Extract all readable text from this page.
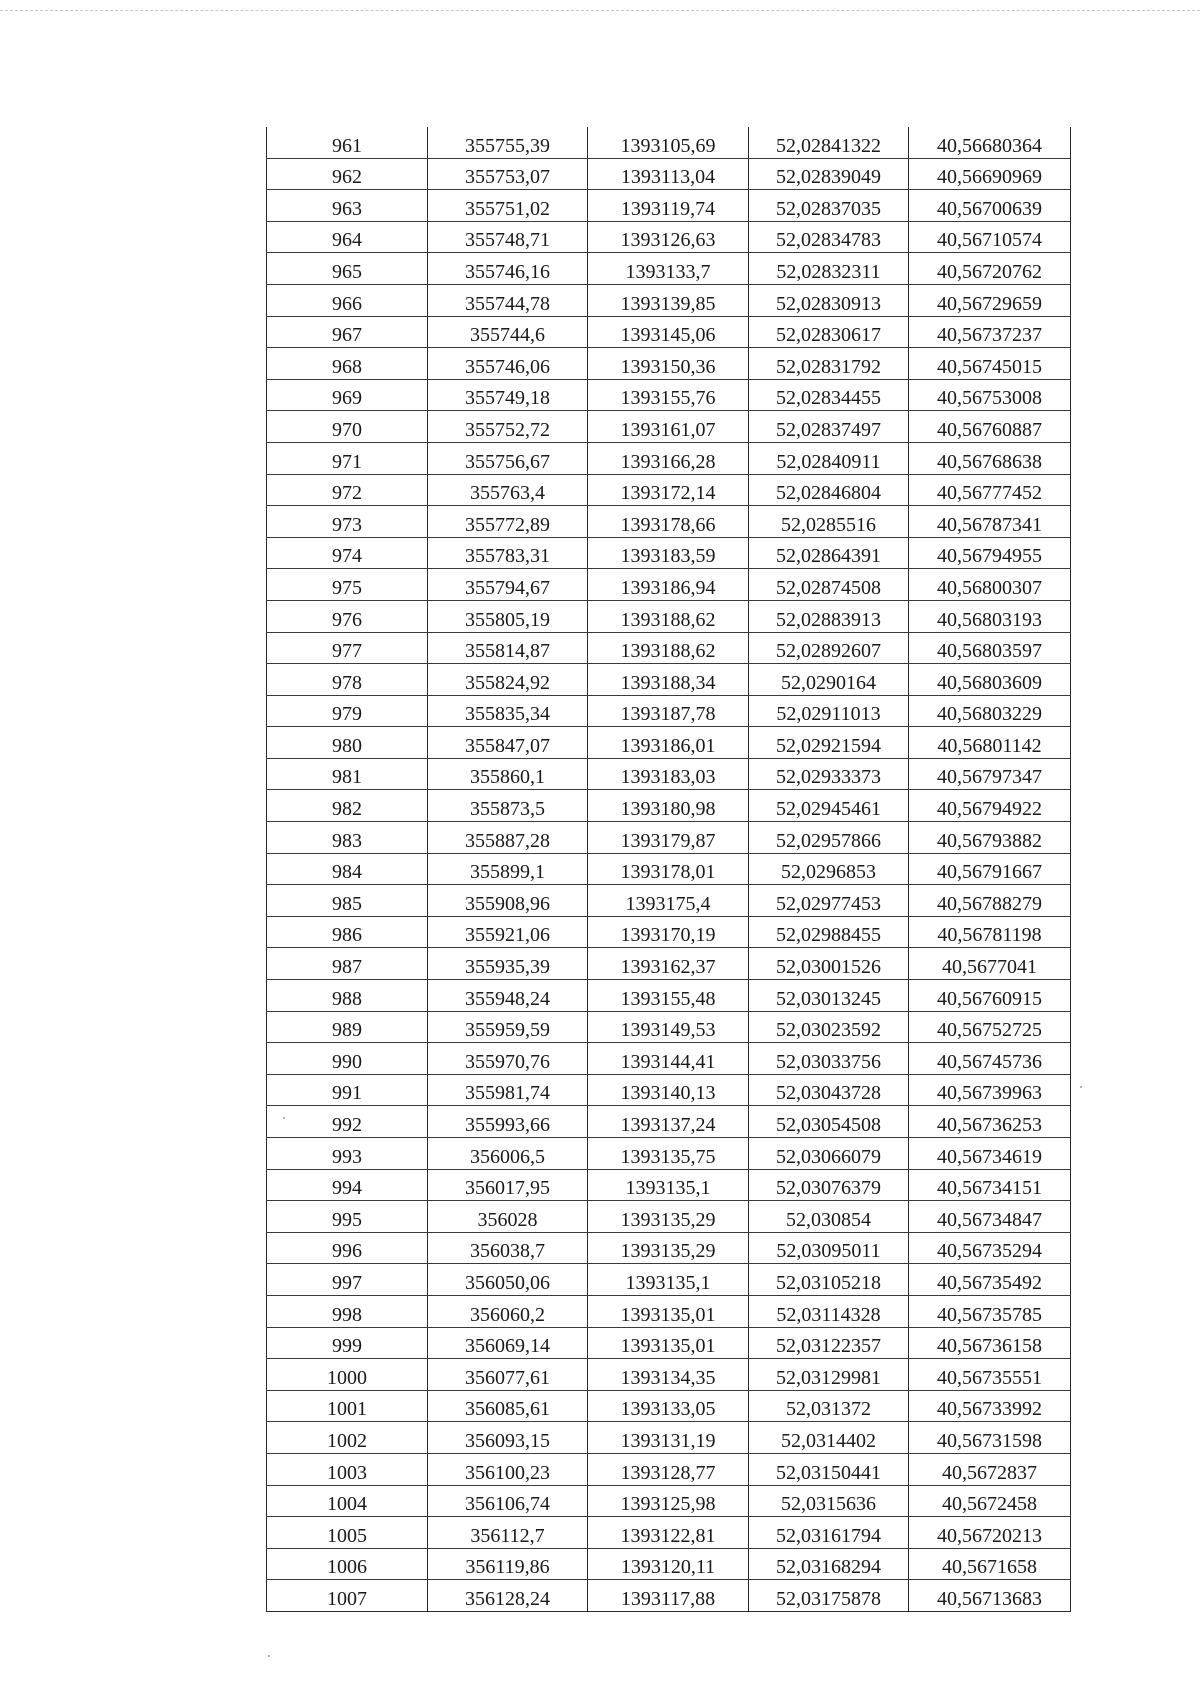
961	355755,39	1393105,69	52,02841322	40,56680364
962	355753,07	1393113,04	52,02839049	40,56690969
963	355751,02	1393119,74	52,02837035	40,56700639
964	355748,71	1393126,63	52,02834783	40,56710574
965	355746,16	1393133,7	52,02832311	40,56720762
966	355744,78	1393139,85	52,02830913	40,56729659
967	355744,6	1393145,06	52,02830617	40,56737237
968	355746,06	1393150,36	52,02831792	40,56745015
969	355749,18	1393155,76	52,02834455	40,56753008
970	355752,72	1393161,07	52,02837497	40,56760887
971	355756,67	1393166,28	52,02840911	40,56768638
972	355763,4	1393172,14	52,02846804	40,56777452
973	355772,89	1393178,66	52,0285516	40,56787341
974	355783,31	1393183,59	52,02864391	40,56794955
975	355794,67	1393186,94	52,02874508	40,56800307
976	355805,19	1393188,62	52,02883913	40,56803193
977	355814,87	1393188,62	52,02892607	40,56803597
978	355824,92	1393188,34	52,0290164	40,56803609
979	355835,34	1393187,78	52,02911013	40,56803229
980	355847,07	1393186,01	52,02921594	40,56801142
981	355860,1	1393183,03	52,02933373	40,56797347
982	355873,5	1393180,98	52,02945461	40,56794922
983	355887,28	1393179,87	52,02957866	40,56793882
984	355899,1	1393178,01	52,0296853	40,56791667
985	355908,96	1393175,4	52,02977453	40,56788279
986	355921,06	1393170,19	52,02988455	40,56781198
987	355935,39	1393162,37	52,03001526	40,5677041
988	355948,24	1393155,48	52,03013245	40,56760915
989	355959,59	1393149,53	52,03023592	40,56752725
990	355970,76	1393144,41	52,03033756	40,56745736
991	355981,74	1393140,13	52,03043728	40,56739963
992	355993,66	1393137,24	52,03054508	40,56736253
993	356006,5	1393135,75	52,03066079	40,56734619
994	356017,95	1393135,1	52,03076379	40,56734151
995	356028	1393135,29	52,030854	40,56734847
996	356038,7	1393135,29	52,03095011	40,56735294
997	356050,06	1393135,1	52,03105218	40,56735492
998	356060,2	1393135,01	52,03114328	40,56735785
999	356069,14	1393135,01	52,03122357	40,56736158
1000	356077,61	1393134,35	52,03129981	40,56735551
1001	356085,61	1393133,05	52,031372	40,56733992
1002	356093,15	1393131,19	52,0314402	40,56731598
1003	356100,23	1393128,77	52,03150441	40,5672837
1004	356106,74	1393125,98	52,0315636	40,5672458
1005	356112,7	1393122,81	52,03161794	40,56720213
1006	356119,86	1393120,11	52,03168294	40,5671658
1007	356128,24	1393117,88	52,03175878	40,56713683
